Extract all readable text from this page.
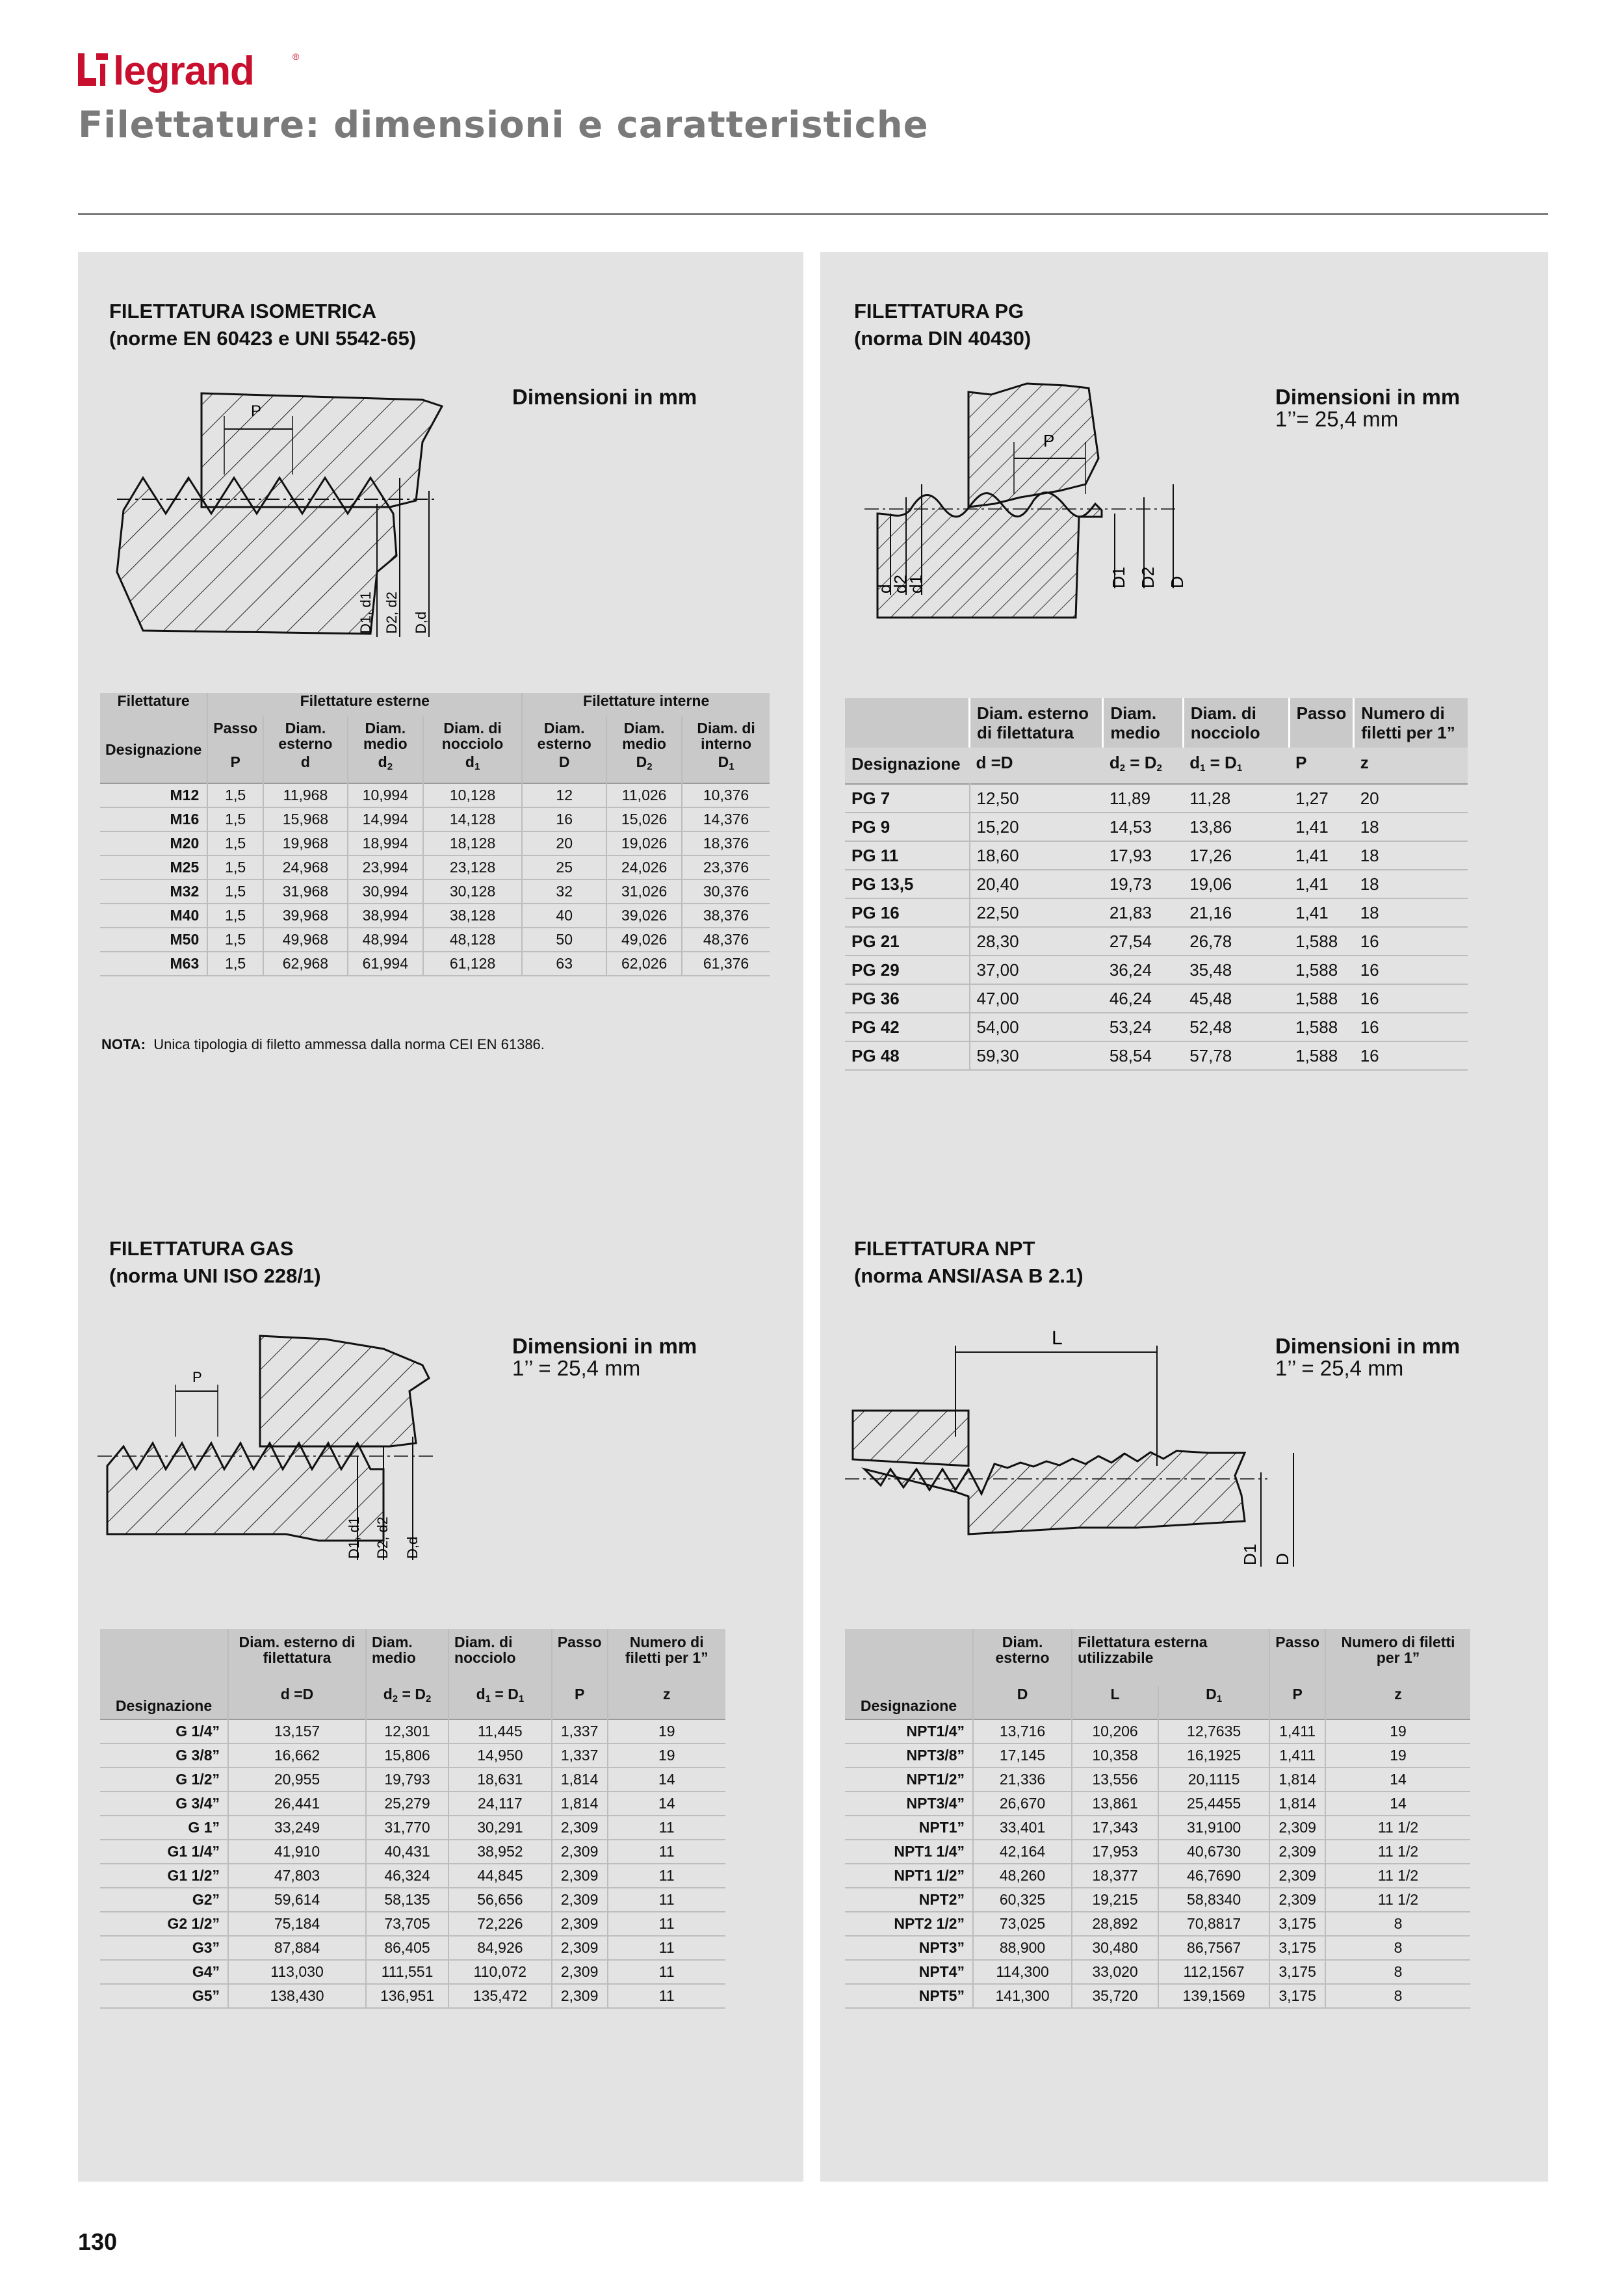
legrand	®
Filettature: dimensioni e caratteristiche
FILETTATURA ISOMETRICA
(norme EN 60423 e UNI 5542-65)
Dimensioni in mm
P
D1, d1 D2, d2 D,d
Filettature	Filettature esterne				Filettature interne		
Designazione	Passo	Diam. esterno	Diam. medio	Diam. di nocciolo	Diam. esterno	Diam. medio	Diam. di interno
	P	d	$d_2$	$d_1$	D	$D_2$	$D_1$
M12	1,5	11,968	10,994	10,128	12	11,026	10,376
M16	1,5	15,968	14,994	14,128	16	15,026	14,376
M20	1,5	19,968	18,994	18,128	20	19,026	18,376
M25	1,5	24,968	23,994	23,128	25	24,026	23,376
M32	1,5	31,968	30,994	30,128	32	31,026	30,376
M40	1,5	39,968	38,994	38,128	40	39,026	38,376
M50	1,5	49,968	48,994	48,128	50	49,026	48,376
M63	1,5	62,968	61,994	61,128	63	62,026	61,376
NOTA: Unica tipologia di filetto ammessa dalla norma CEI EN 61386.
FILETTATURA PG
(norma DIN 40430)
Dimensioni in mm
1’’= 25,4 mm
P
d
d2
d1	D1 D2 D
	Diam. esterno di filettatura	Diam. medio	Diam. di nocciolo	Passo	Numero di filetti per 1”
Designazione	d =D	$d_2 = D_2$	$d_1 = D_1$	P	z
PG 7	12,50	11,89	11,28	1,27	20
PG 9	15,20	14,53	13,86	1,41	18
PG 11	18,60	17,93	17,26	1,41	18
PG 13,5	20,40	19,73	19,06	1,41	18
PG 16	22,50	21,83	21,16	1,41	18
PG 21	28,30	27,54	26,78	1,588	16
PG 29	37,00	36,24	35,48	1,588	16
PG 36	47,00	46,24	45,48	1,588	16
PG 42	54,00	53,24	52,48	1,588	16
PG 48	59,30	58,54	57,78	1,588	16
FILETTATURA GAS
(norma UNI ISO 228/1)
Dimensioni in mm
1’’ = 25,4 mm
P
D1, d1 D2, d2 D,d
Designazione	Diam. esterno di filettatura	Diam. medio	Diam. di nocciolo	Passo	Numero di filetti per 1”
	d =D	$d_2 = D_2$	$d_1 = D_1$	P	z
G 1/4”	13,157	12,301	11,445	1,337	19
G 3/8”	16,662	15,806	14,950	1,337	19
G 1/2”	20,955	19,793	18,631	1,814	14
G 3/4”	26,441	25,279	24,117	1,814	14
G 1”	33,249	31,770	30,291	2,309	11
G1 1/4”	41,910	40,431	38,952	2,309	11
G1 1/2”	47,803	46,324	44,845	2,309	11
G2”	59,614	58,135	56,656	2,309	11
G2 1/2”	75,184	73,705	72,226	2,309	11
G3”	87,884	86,405	84,926	2,309	11
G4”	113,030	111,551	110,072	2,309	11
G5”	138,430	136,951	135,472	2,309	11
FILETTATURA NPT
(norma ANSI/ASA B 2.1)
Dimensioni in mm
1’’ = 25,4 mm
L
D1 D
Designazione	Diam. esterno	Filettatura esterna utilizzabile		Passo	Numero di filetti per 1”
	D	L	$D_1$	P	z
NPT1/4”	13,716	10,206	12,7635	1,411	19
NPT3/8”	17,145	10,358	16,1925	1,411	19
NPT1/2”	21,336	13,556	20,1115	1,814	14
NPT3/4”	26,670	13,861	25,4455	1,814	14
NPT1”	33,401	17,343	31,9100	2,309	11 1/2
NPT1 1/4”	42,164	17,953	40,6730	2,309	11 1/2
NPT1 1/2”	48,260	18,377	46,7690	2,309	11 1/2
NPT2”	60,325	19,215	58,8340	2,309	11 1/2
NPT2 1/2”	73,025	28,892	70,8817	3,175	8
NPT3”	88,900	30,480	86,7567	3,175	8
NPT4”	114,300	33,020	112,1567	3,175	8
NPT5”	141,300	35,720	139,1569	3,175	8
130
